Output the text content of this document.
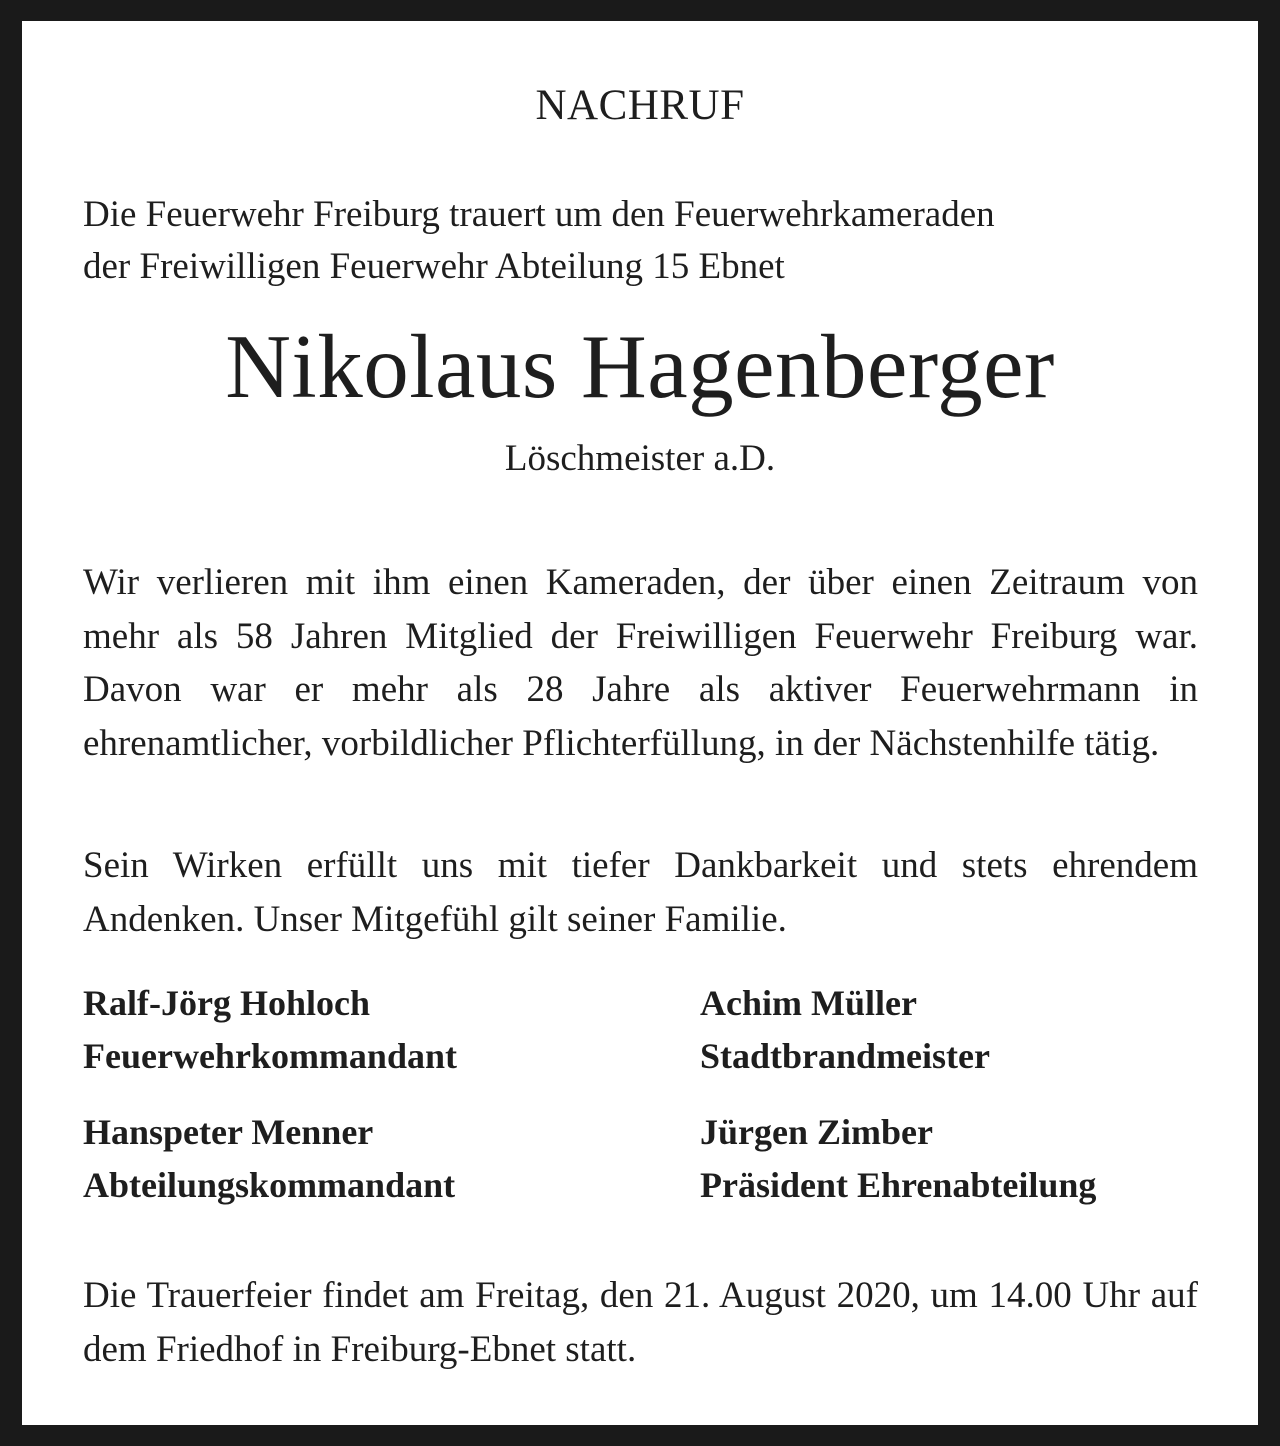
NACHRUF
Die Feuerwehr Freiburg trauert um den Feuerwehrkameraden
der Freiwilligen Feuerwehr Abteilung 15 Ebnet
Nikolaus Hagenberger
Löschmeister a.D.
Wir verlieren mit ihm einen Kameraden, der über einen Zeitraum von mehr als 58 Jahren Mitglied der Freiwilligen Feuerwehr Freiburg war. Davon war er mehr als 28 Jahre als aktiver Feuerwehrmann in ehrenamtlicher, vorbildlicher Pflichterfüllung, in der Nächstenhilfe tätig.
Sein Wirken erfüllt uns mit tiefer Dankbarkeit und stets ehrendem Andenken. Unser Mitgefühl gilt seiner Familie.
Ralf-Jörg Hohloch
Feuerwehrkommandant
Achim Müller
Stadtbrandmeister
Hanspeter Menner
Abteilungskommandant
Jürgen Zimber
Präsident Ehrenabteilung
Die Trauerfeier findet am Freitag, den 21. August 2020, um 14.00 Uhr auf dem Friedhof in Freiburg-Ebnet statt.
